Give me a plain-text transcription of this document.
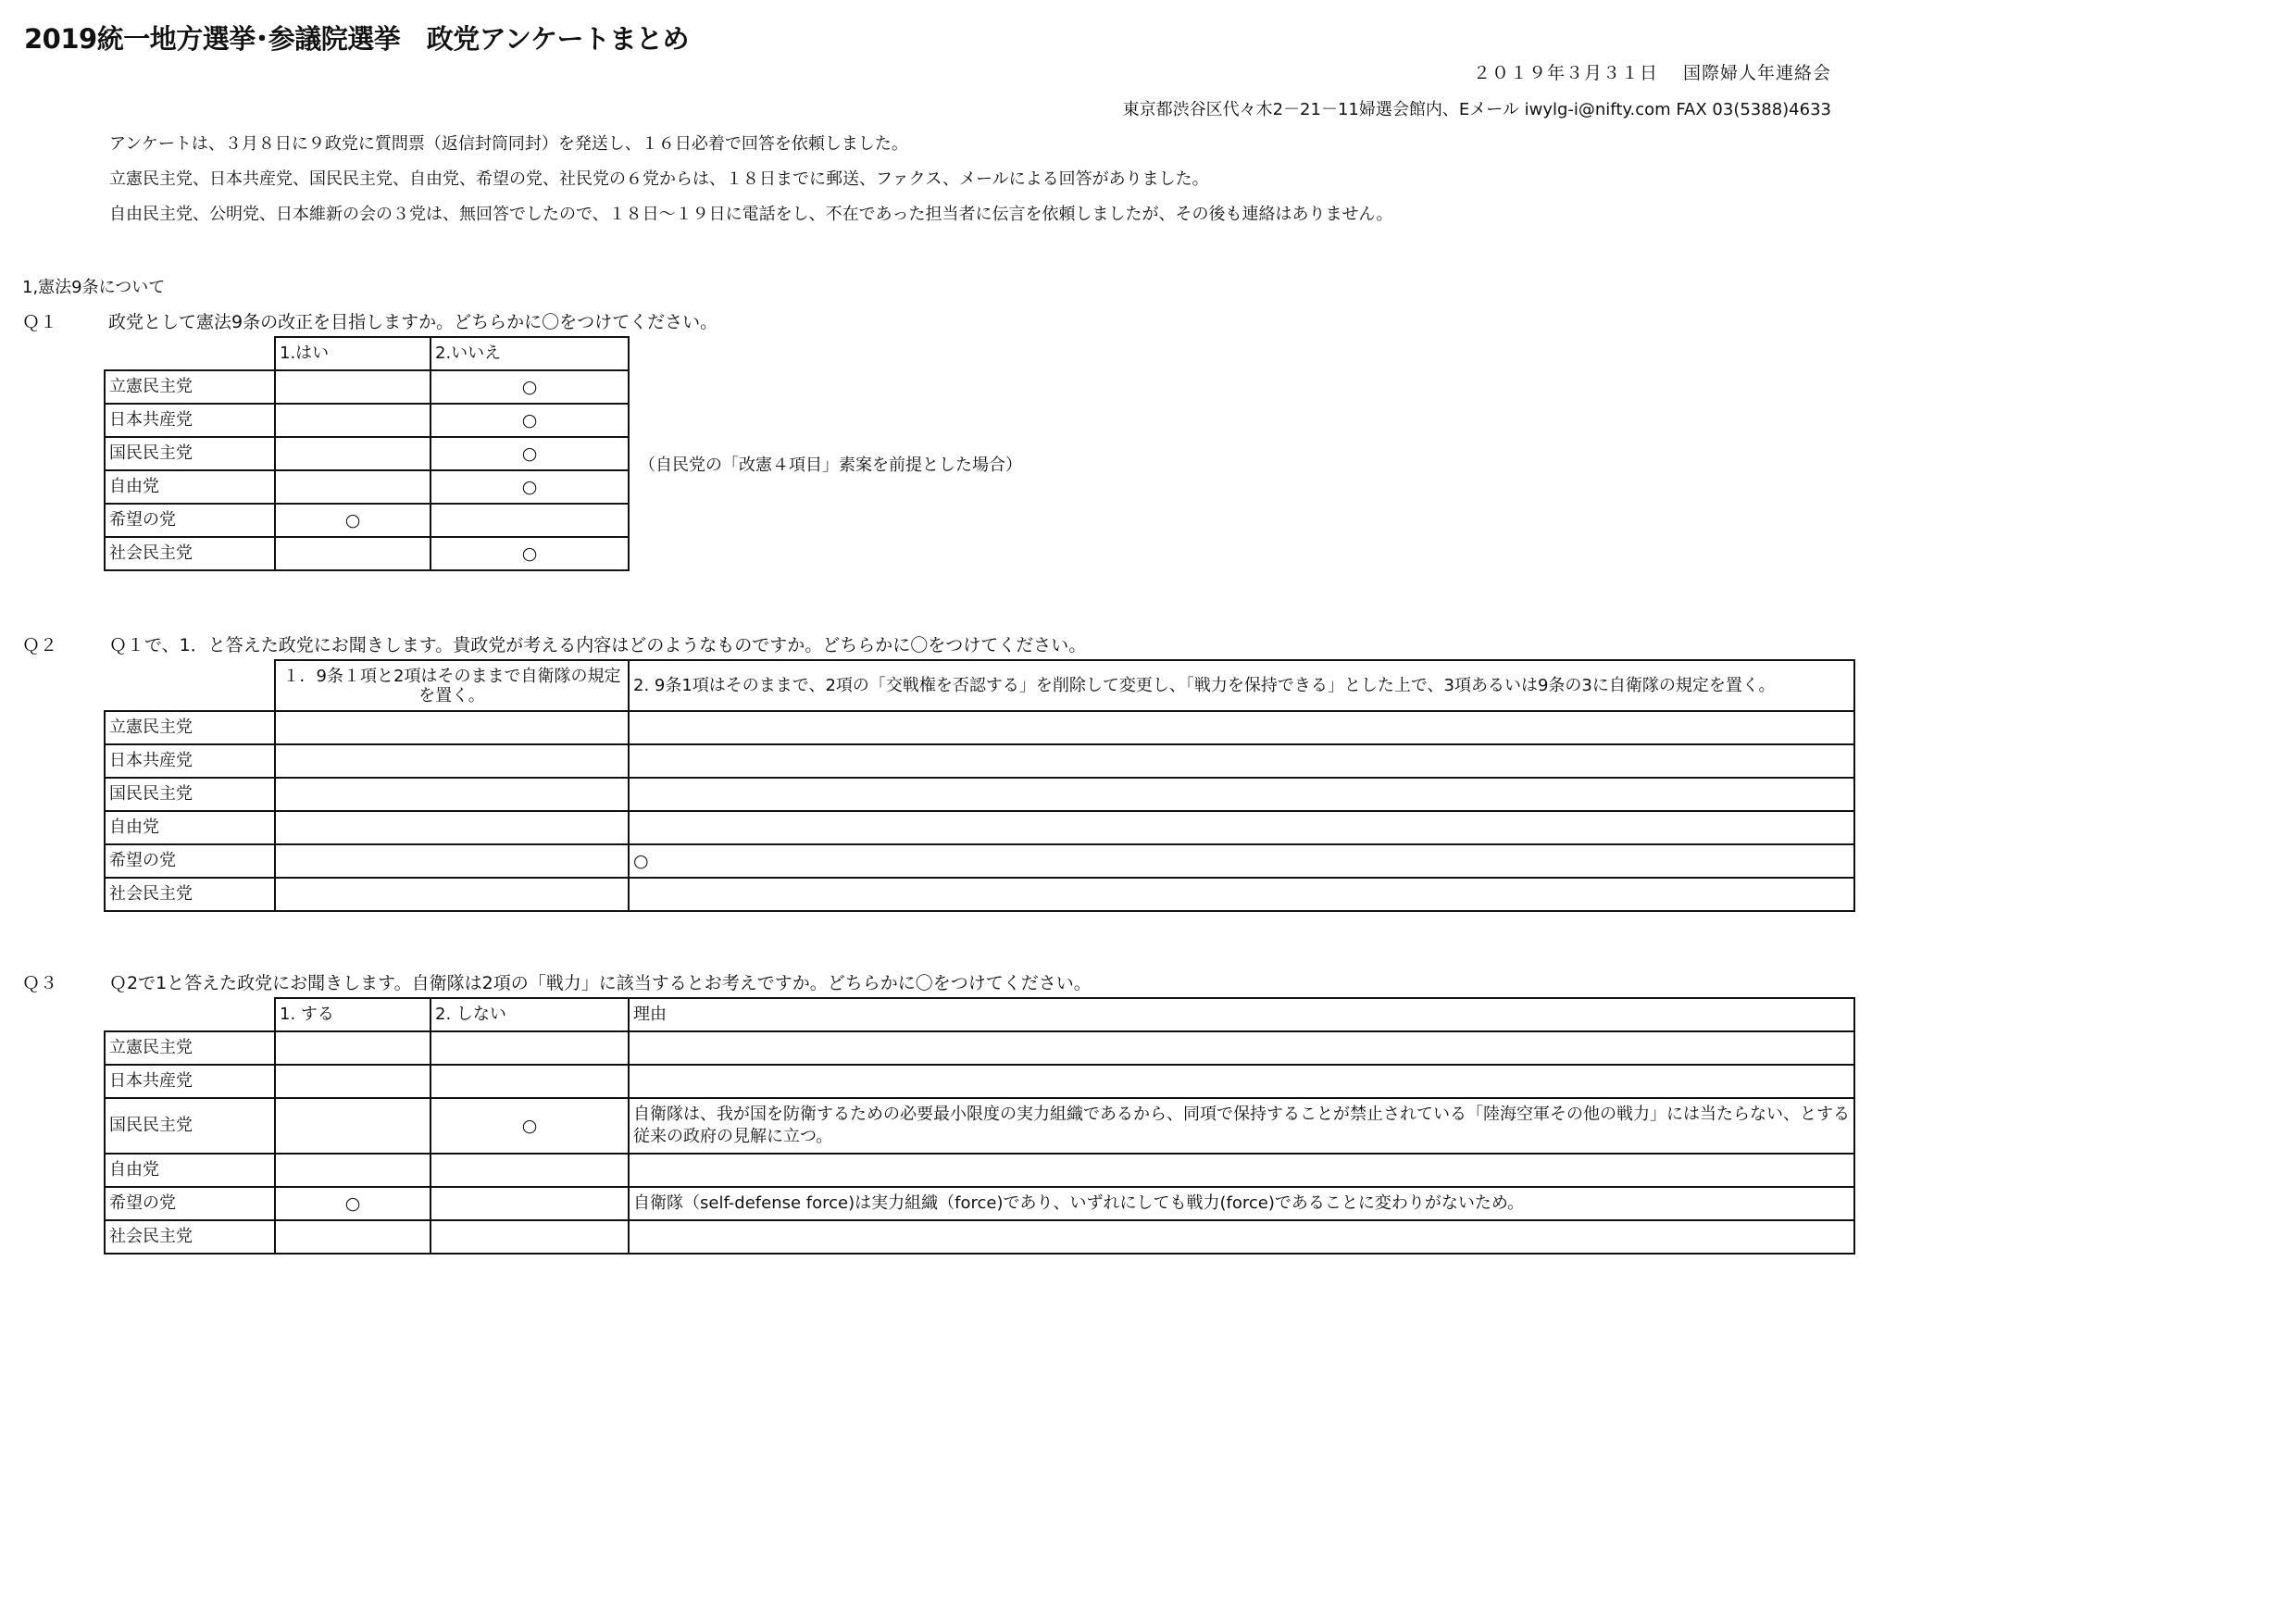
2019統一地方選挙･参議院選挙　政党アンケートまとめ
２０１９年３月３１日　 国際婦人年連絡会
東京都渋谷区代々木2－21－11婦選会館内、Eメール iwylg-i@nifty.com FAX 03(5388)4633
アンケートは、３月８日に９政党に質問票（返信封筒同封）を発送し、１６日必着で回答を依頼しました。
立憲民主党、日本共産党、国民民主党、自由党、希望の党、社民党の６党からは、１８日までに郵送、ファクス、メールによる回答がありました。
自由民主党、公明党、日本維新の会の３党は、無回答でしたので、１８日～１９日に電話をし、不在であった担当者に伝言を依頼しましたが、その後も連絡はありません。
1,憲法9条について
Ｑ１	政党として憲法9条の改正を目指しますか。どちらかに〇をつけてください。
	1.はい	2.いいえ
立憲民主党		○
日本共産党		○
国民民主党		○
自由党		○
希望の党	○	
社会民主党		○
（自民党の「改憲４項目」素案を前提とした場合）
Ｑ２	Ｑ１で、1．と答えた政党にお聞きします。貴政党が考える内容はどのようなものですか。どちらかに〇をつけてください。
	１．9条１項と2項はそのままで自衛隊の規定を置く。	2. 9条1項はそのままで、2項の「交戦権を否認する」を削除して変更し、「戦力を保持できる」とした上で、3項あるいは9条の3に自衛隊の規定を置く。
立憲民主党		
日本共産党		
国民民主党		
自由党		
希望の党		○
社会民主党		
Ｑ３	Ｑ2で1と答えた政党にお聞きします。自衛隊は2項の「戦力」に該当するとお考えですか。どちらかに〇をつけてください。
	1. する	2. しない	理由
立憲民主党			
日本共産党			
国民民主党		○	自衛隊は、我が国を防衛するための必要最小限度の実力組織であるから、同項で保持することが禁止されている「陸海空軍その他の戦力」には当たらない、とする従来の政府の見解に立つ。
自由党			
希望の党	○		自衛隊（self-defense force)は実力組織（force)であり、いずれにしても戦力(force)であることに変わりがないため。
社会民主党			
